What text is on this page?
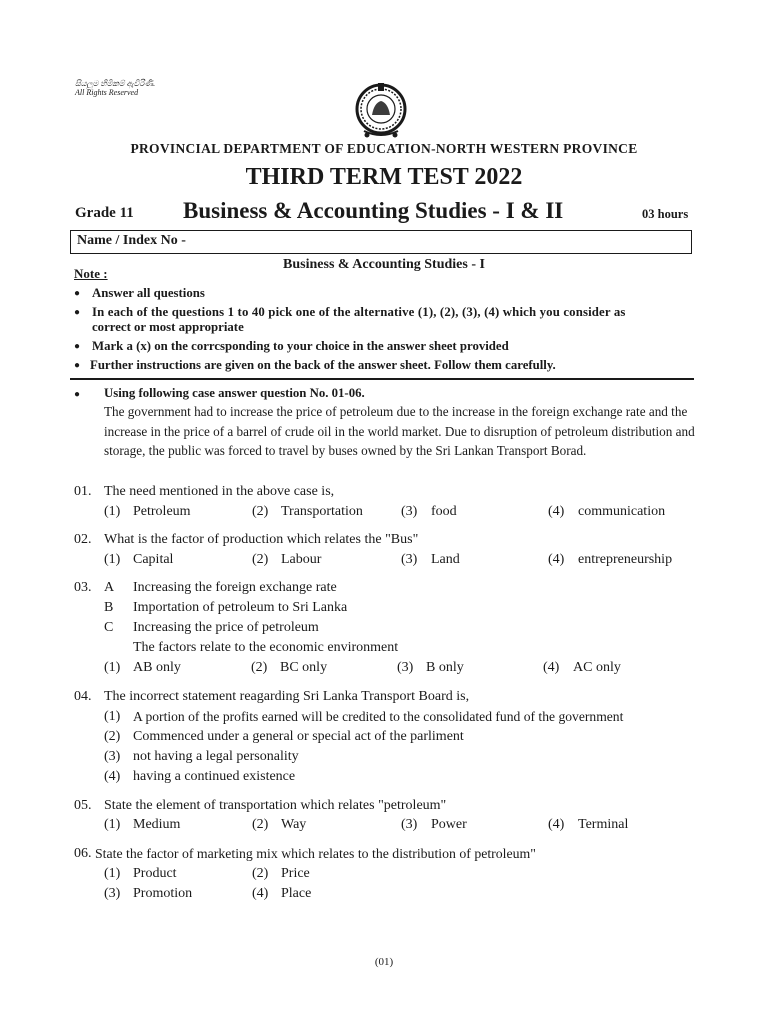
සියලුම හිමිකම් ඇවිරිණි.
All Rights Reserved
PROVINCIAL DEPARTMENT OF EDUCATION-NORTH WESTERN PROVINCE
THIRD TERM TEST 2022
Grade 11 Business & Accounting Studies - I & II	03 hours
Name / Index No -
Business & Accounting Studies - I
Note :
● Answer all questions
● In each of the questions 1 to 40 pick one of the alternative (1), (2), (3), (4) which you consider as
correct or most appropriate
● Mark a (x) on the corrcsponding to your choice in the answer sheet provided
● Further instructions are given on the back of the answer sheet. Follow them carefully.
● Using following case answer question No. 01-06.
The government had to increase the price of petroleum due to the increase in the foreign exchange rate and the increase in the price of a barrel of crude oil in the world market. Due to disruption of petroleum distribution and storage, the public was forced to travel by buses owned by the Sri Lankan Transport Borad.
01. The need mentioned in the above case is,
(1) Petroleum	(2) Transportation	(3) food	(4) communication
02. What is the factor of production which relates the "Bus"
(1) Capital	(2) Labour	(3) Land	(4) entrepreneurship
03. A Increasing the foreign exchange rate
B Importation of petroleum to Sri Lanka
C Increasing the price of petroleum
The factors relate to the economic environment
(1) AB only	(2) BC only	(3) B only	(4) AC only
04. The incorrect statement reagarding Sri Lanka Transport Board is,
(1) A portion of the profits earned will be credited to the consolidated fund of the government
(2) Commenced under a general or special act of the parliment
(3) not having a legal personality
(4) having a continued existence
05. State the element of transportation which relates "petroleum"
(1) Medium	(2) Way	(3) Power	(4) Terminal
06. State the factor of marketing mix which relates to the distribution of petroleum"
(1) Product	(2) Price
(3) Promotion	(4) Place
(01)
